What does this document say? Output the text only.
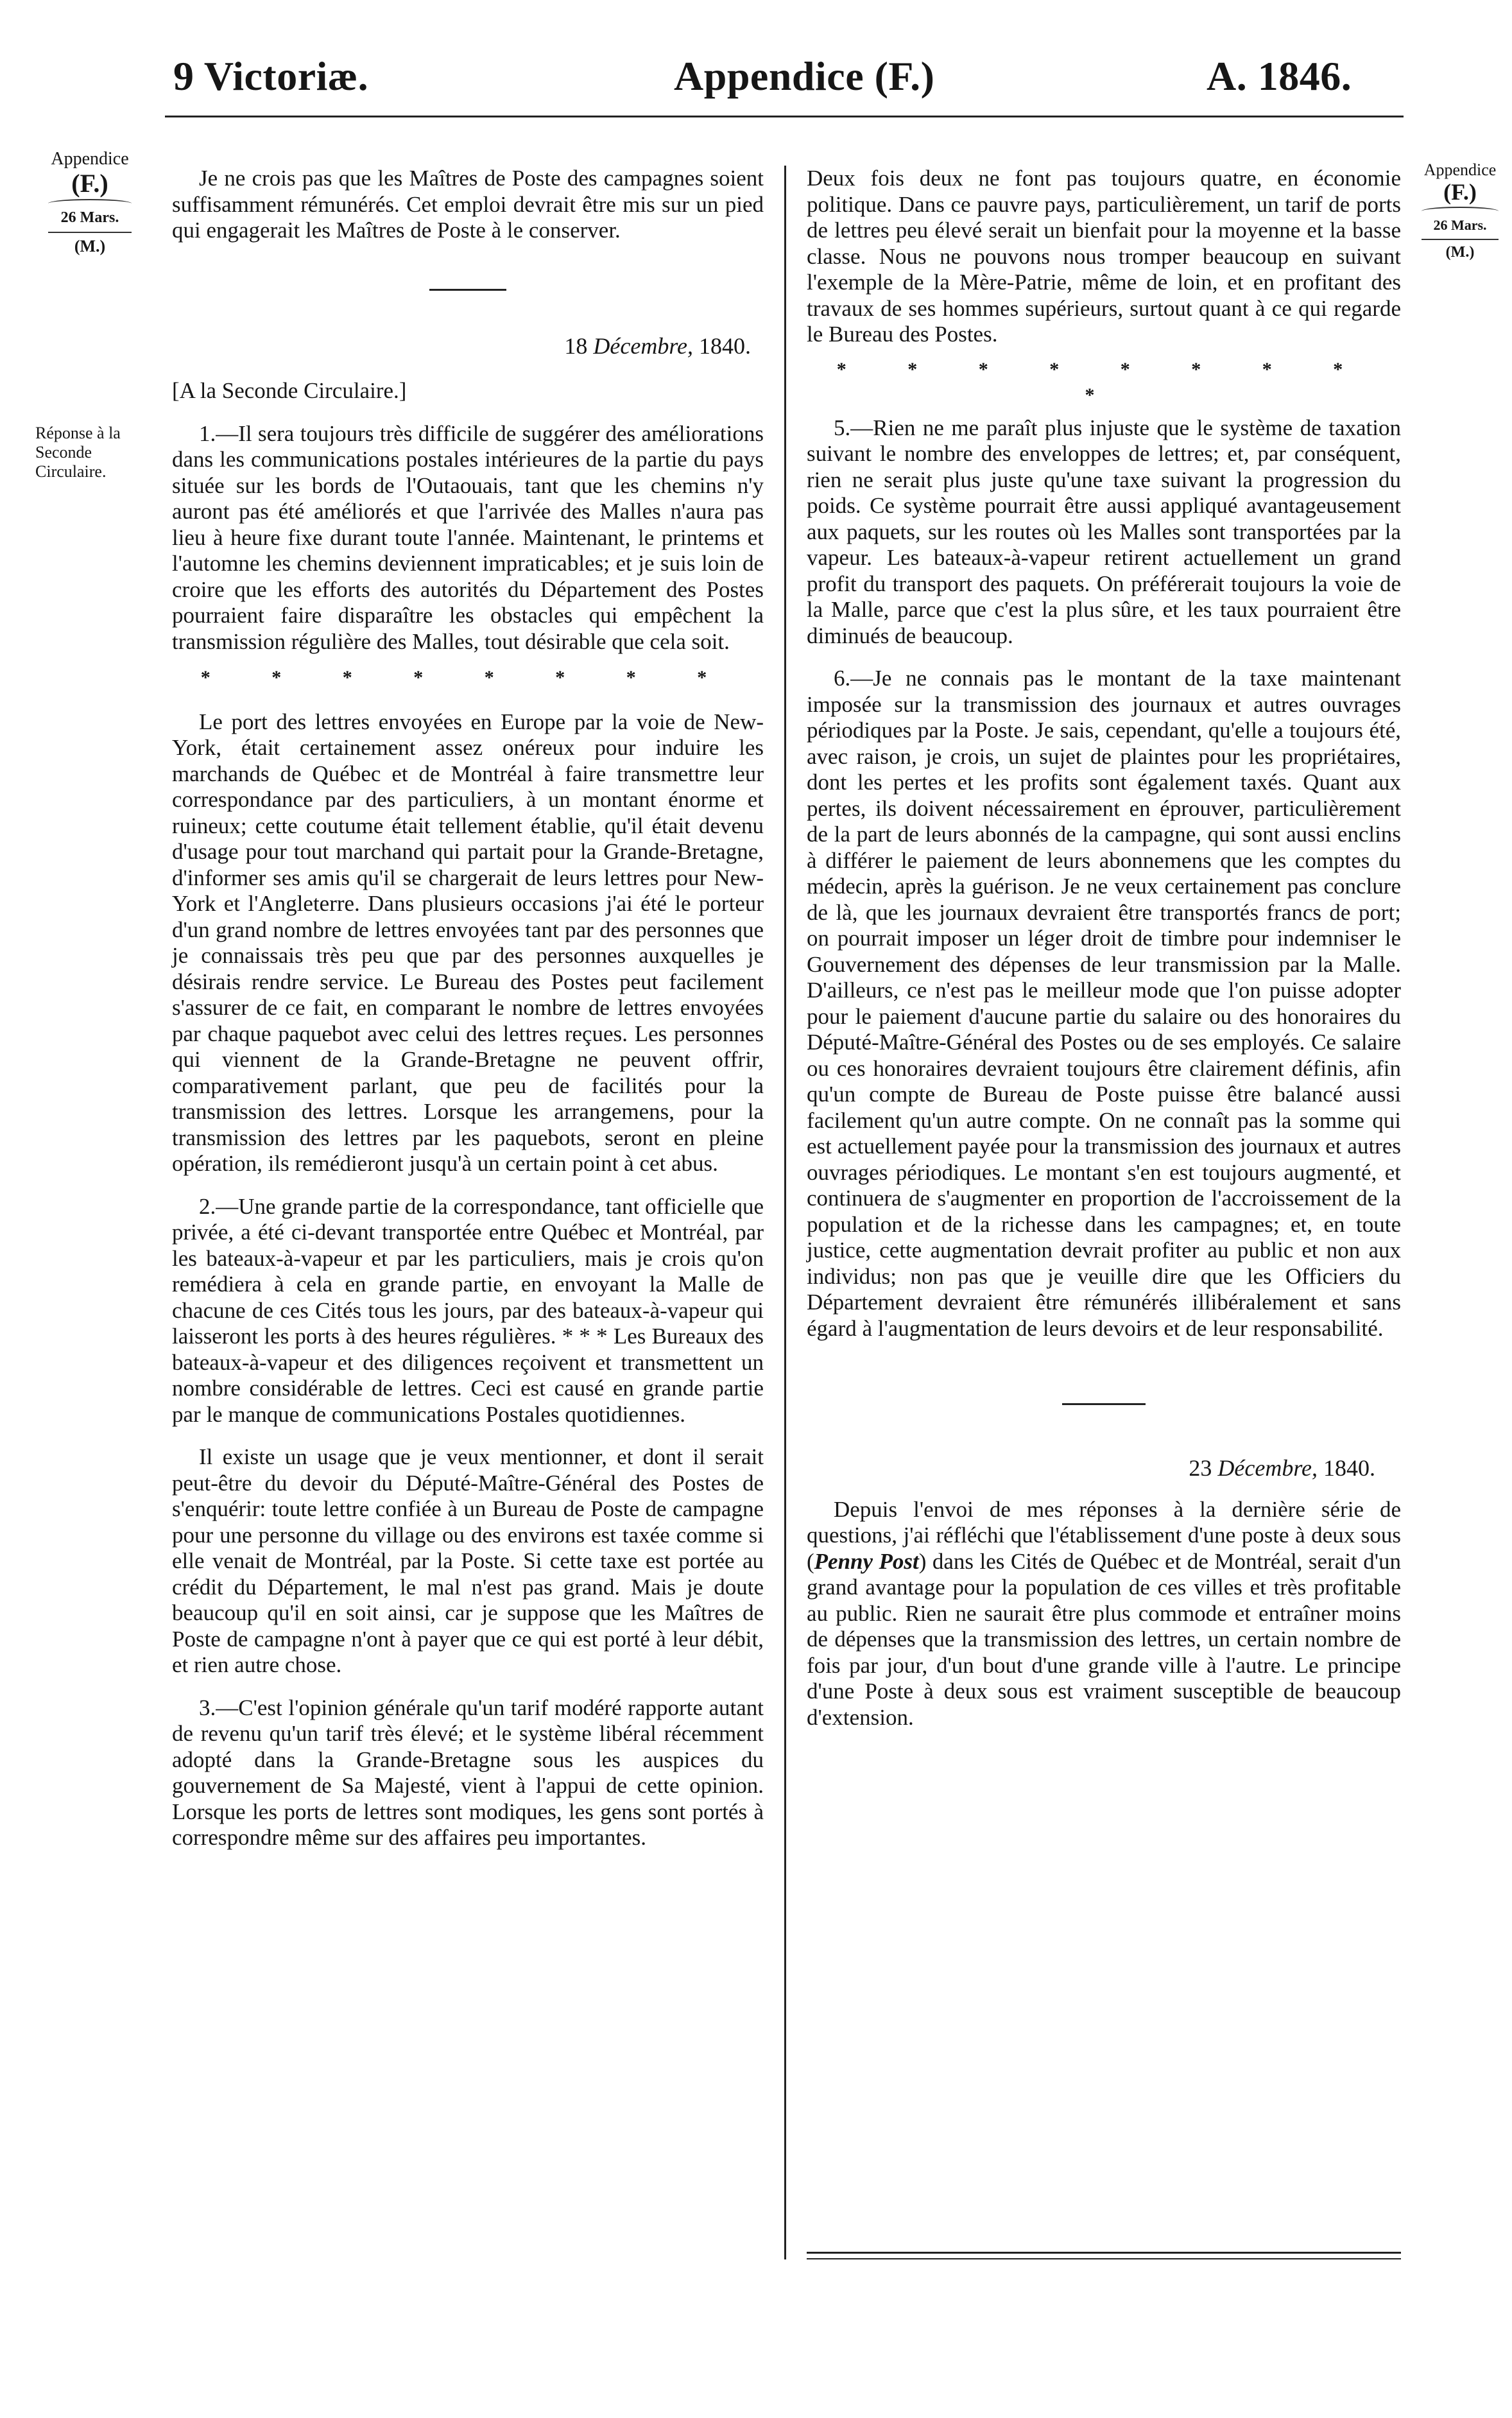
9 Victoriæ.	Appendice (F.)	A. 1846.
Appendice
(F.)
26 Mars.
(M.)
Réponse à la Seconde Circulaire.
Appendice
(F.)
26 Mars.
(M.)

Je ne crois pas que les Maîtres de Poste des campagnes soient suffisamment rémunérés. Cet emploi devrait être mis sur un pied qui engagerait les Maîtres de Poste à le conserver.

18 Décembre, 1840.

[A la Seconde Circulaire.]

1.—Il sera toujours très difficile de suggérer des améliorations dans les communications postales intérieures de la partie du pays située sur les bords de l'Outaouais, tant que les chemins n'y auront pas été améliorés et que l'arrivée des Malles n'aura pas lieu à heure fixe durant toute l'année. Maintenant, le printems et l'automne les chemins deviennent impraticables; et je suis loin de croire que les efforts des autorités du Département des Postes pourraient faire disparaître les obstacles qui empêchent la transmission régulière des Malles, tout désirable que cela soit.

* * * * * * * *

Le port des lettres envoyées en Europe par la voie de New-York, était certainement assez onéreux pour induire les marchands de Québec et de Montréal à faire transmettre leur correspondance par des particuliers, à un montant énorme et ruineux; cette coutume était tellement établie, qu'il était devenu d'usage pour tout marchand qui partait pour la Grande-Bretagne, d'informer ses amis qu'il se chargerait de leurs lettres pour New-York et l'Angleterre. Dans plusieurs occasions j'ai été le porteur d'un grand nombre de lettres envoyées tant par des personnes que je connaissais très peu que par des personnes auxquelles je désirais rendre service. Le Bureau des Postes peut facilement s'assurer de ce fait, en comparant le nombre de lettres envoyées par chaque paquebot avec celui des lettres reçues. Les personnes qui viennent de la Grande-Bretagne ne peuvent offrir, comparativement parlant, que peu de facilités pour la transmission des lettres. Lorsque les arrangemens, pour la transmission des lettres par les paquebots, seront en pleine opération, ils remédieront jusqu'à un certain point à cet abus.

2.—Une grande partie de la correspondance, tant officielle que privée, a été ci-devant transportée entre Québec et Montréal, par les bateaux-à-vapeur et par les particuliers, mais je crois qu'on remédiera à cela en grande partie, en envoyant la Malle de chacune de ces Cités tous les jours, par des bateaux-à-vapeur qui laisseront les ports à des heures régulières. * * * Les Bureaux des bateaux-à-vapeur et des diligences reçoivent et transmettent un nombre considérable de lettres. Ceci est causé en grande partie par le manque de communications Postales quotidiennes.

Il existe un usage que je veux mentionner, et dont il serait peut-être du devoir du Député-Maître-Général des Postes de s'enquérir: toute lettre confiée à un Bureau de Poste de campagne pour une personne du village ou des environs est taxée comme si elle venait de Montréal, par la Poste. Si cette taxe est portée au crédit du Département, le mal n'est pas grand. Mais je doute beaucoup qu'il en soit ainsi, car je suppose que les Maîtres de Poste de campagne n'ont à payer que ce qui est porté à leur débit, et rien autre chose.

3.—C'est l'opinion générale qu'un tarif modéré rapporte autant de revenu qu'un tarif très élevé; et le système libéral récemment adopté dans la Grande-Bretagne sous les auspices du gouvernement de Sa Majesté, vient à l'appui de cette opinion. Lorsque les ports de lettres sont modiques, les gens sont portés à correspondre même sur des affaires peu importantes.

Deux fois deux ne font pas toujours quatre, en économie politique. Dans ce pauvre pays, particulièrement, un tarif de ports de lettres peu élevé serait un bienfait pour la moyenne et la basse classe. Nous ne pouvons nous tromper beaucoup en suivant l'exemple de la Mère-Patrie, même de loin, et en profitant des travaux de ses hommes supérieurs, surtout quant à ce qui regarde le Bureau des Postes.

* * * * * * * * *

5.—Rien ne me paraît plus injuste que le système de taxation suivant le nombre des enveloppes de lettres; et, par conséquent, rien ne serait plus juste qu'une taxe suivant la progression du poids. Ce système pourrait être aussi appliqué avantageusement aux paquets, sur les routes où les Malles sont transportées par la vapeur. Les bateaux-à-vapeur retirent actuellement un grand profit du transport des paquets. On préférerait toujours la voie de la Malle, parce que c'est la plus sûre, et les taux pourraient être diminués de beaucoup.

6.—Je ne connais pas le montant de la taxe maintenant imposée sur la transmission des journaux et autres ouvrages périodiques par la Poste. Je sais, cependant, qu'elle a toujours été, avec raison, je crois, un sujet de plaintes pour les propriétaires, dont les pertes et les profits sont également taxés. Quant aux pertes, ils doivent nécessairement en éprouver, particulièrement de la part de leurs abonnés de la campagne, qui sont aussi enclins à différer le paiement de leurs abonnemens que les comptes du médecin, après la guérison. Je ne veux certainement pas conclure de là, que les journaux devraient être transportés francs de port; on pourrait imposer un léger droit de timbre pour indemniser le Gouvernement des dépenses de leur transmission par la Malle. D'ailleurs, ce n'est pas le meilleur mode que l'on puisse adopter pour le paiement d'aucune partie du salaire ou des honoraires du Député-Maître-Général des Postes ou de ses employés. Ce salaire ou ces honoraires devraient toujours être clairement définis, afin qu'un compte de Bureau de Poste puisse être balancé aussi facilement qu'un autre compte. On ne connaît pas la somme qui est actuellement payée pour la transmission des journaux et autres ouvrages périodiques. Le montant s'en est toujours augmenté, et continuera de s'augmenter en proportion de l'accroissement de la population et de la richesse dans les campagnes; et, en toute justice, cette augmentation devrait profiter au public et non aux individus; non pas que je veuille dire que les Officiers du Département devraient être rémunérés illibéralement et sans égard à l'augmentation de leurs devoirs et de leur responsabilité.

23 Décembre, 1840.

Depuis l'envoi de mes réponses à la dernière série de questions, j'ai réfléchi que l'établissement d'une poste à deux sous (Penny Post) dans les Cités de Québec et de Montréal, serait d'un grand avantage pour la population de ces villes et très profitable au public. Rien ne saurait être plus commode et entraîner moins de dépenses que la transmission des lettres, un certain nombre de fois par jour, d'un bout d'une grande ville à l'autre. Le principe d'une Poste à deux sous est vraiment susceptible de beaucoup d'extension.
